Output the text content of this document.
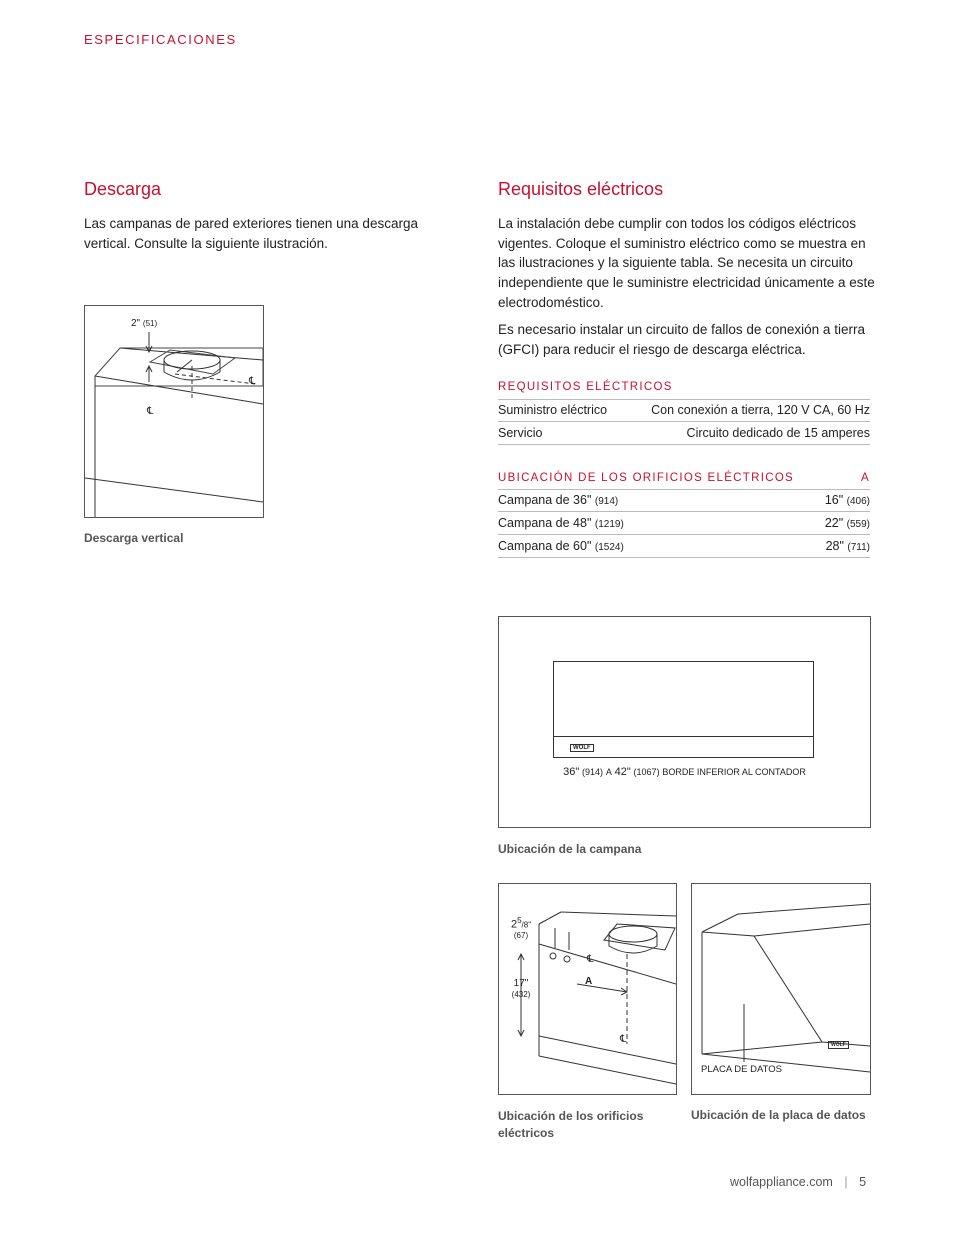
ESPECIFICACIONES
Descarga

Las campanas de pared exteriores tienen una descarga vertical. Consulte la siguiente ilustración.

2" (51)
℄
℄
Descarga vertical
Requisitos eléctricos

La instalación debe cumplir con todos los códigos eléctricos vigentes. Coloque el suministro eléctrico como se muestra en las ilustraciones y la siguiente tabla. Se necesita un circuito independiente que le suministre electricidad únicamente a este electrodoméstico.

Es necesario instalar un circuito de fallos de conexión a tierra (GFCI) para reducir el riesgo de descarga eléctrica.

REQUISITOS ELÉCTRICOS
Suministro eléctrico	Con conexión a tierra, 120 V CA, 60 Hz
Servicio	Circuito dedicado de 15 amperes
UBICACIÓN DE LOS ORIFICIOS ELÉCTRICOS	A
Campana de 36" (914)	16" (406)
Campana de 48" (1219)	22" (559)
Campana de 60" (1524)	28" (711)
WOLF
36" (914) A 42" (1067) BORDE INFERIOR AL CONTADOR
Ubicación de la campana
$2^5/8$"
(67)
17"
(432)
A
℄
℄
Ubicación de los orificios eléctricos
WOLF
PLACA DE DATOS
Ubicación de la placa de datos
wolfappliance.com | 5
